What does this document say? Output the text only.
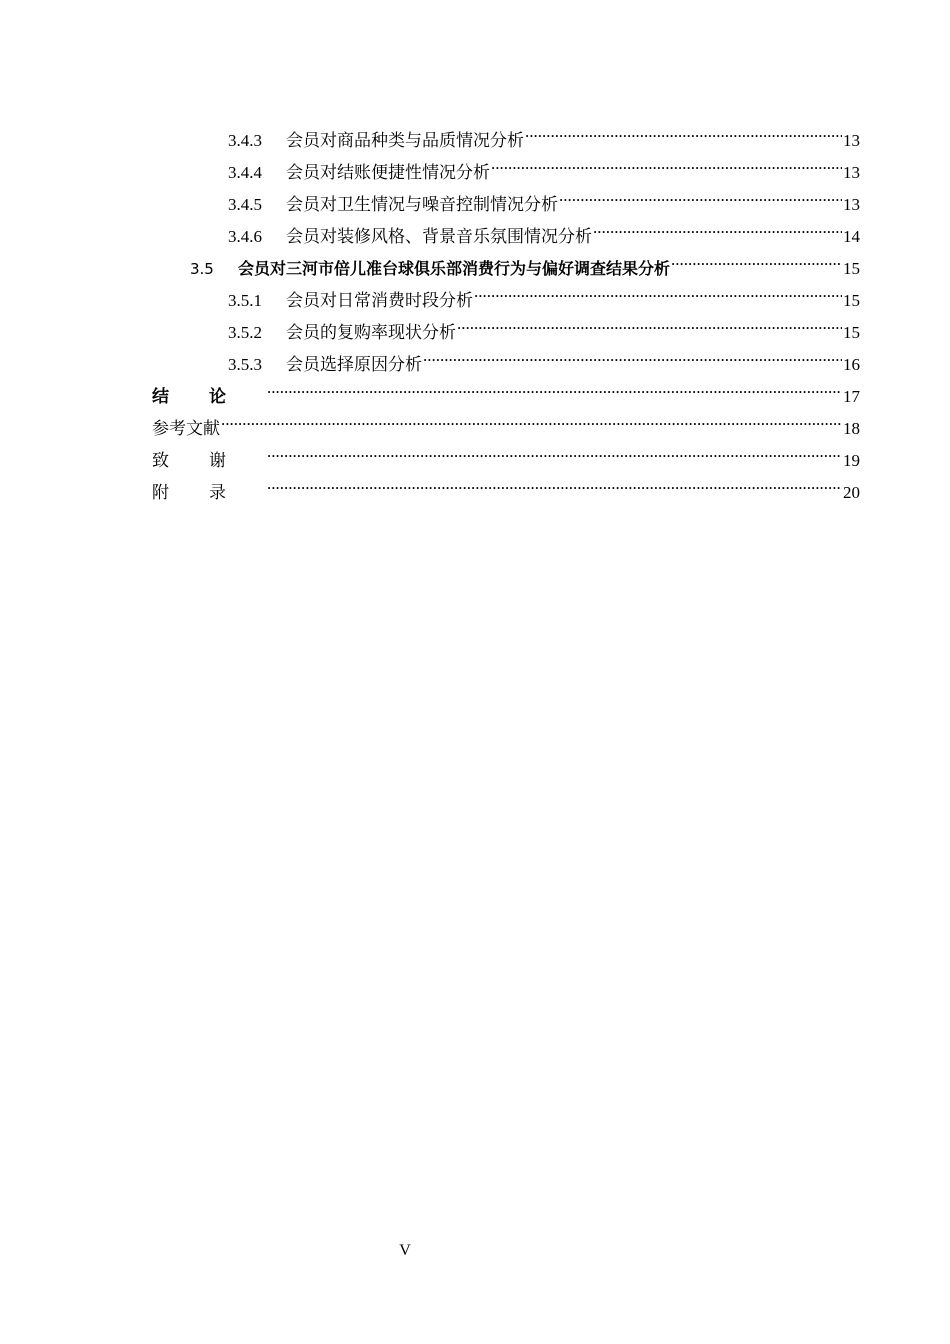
3.4.3	会员对商品种类与品质情况分析 .....	13
3.4.4	会员对结账便捷性情况分析 .....	13
3.4.5	会员对卫生情况与噪音控制情况分析 .....	13
3.4.6	会员对装修风格、背景音乐氛围情况分析 .....	14
3.5	会员对三河市倍儿准台球俱乐部消费行为与偏好调查结果分析 .....	15
3.5.1	会员对日常消费时段分析 .....	15
3.5.2	会员的复购率现状分析 .....	15
3.5.3	会员选择原因分析 .....	16
结论 .....	17
参考文献 .....	18
致谢 .....	19
附录 .....	20
V
